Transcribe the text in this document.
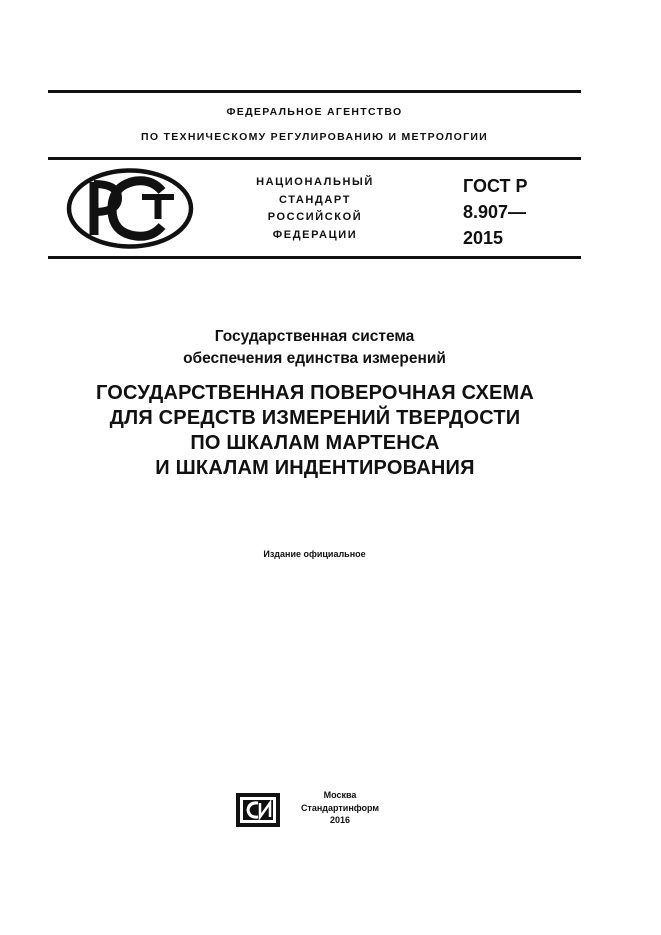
ФЕДЕРАЛЬНОЕ АГЕНТСТВО
ПО ТЕХНИЧЕСКОМУ РЕГУЛИРОВАНИЮ И МЕТРОЛОГИИ
НАЦИОНАЛЬНЫЙ
СТАНДАРТ
РОССИЙСКОЙ
ФЕДЕРАЦИИ
ГОСТ Р
8.907—
2015
Государственная система
обеспечения единства измерений
ГОСУДАРСТВЕННАЯ ПОВЕРОЧНАЯ СХЕМА
ДЛЯ СРЕДСТВ ИЗМЕРЕНИЙ ТВЕРДОСТИ
ПО ШКАЛАМ МАРТЕНСА
И ШКАЛАМ ИНДЕНТИРОВАНИЯ
Издание официальное
Москва
Стандартинформ
2016
